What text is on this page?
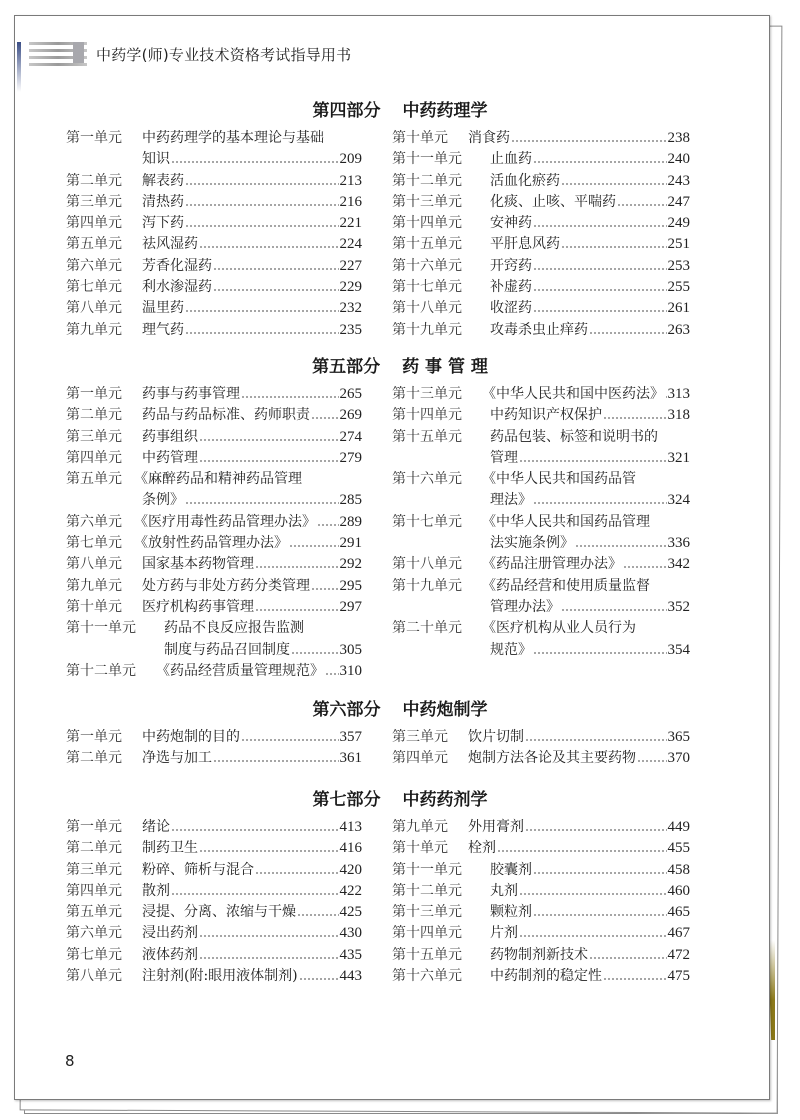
中药学(师)专业技术资格考试指导用书
第四部分 中药药理学
第一单元 中药药理学的基本理论与基础
知识	209
第二单元 解表药	213
第三单元 清热药	216
第四单元 泻下药	221
第五单元 祛风湿药	224
第六单元 芳香化湿药	227
第七单元 利水渗湿药	229
第八单元 温里药	232
第九单元 理气药	235
第十单元 消食药	238
第十一单元 止血药	240
第十二单元 活血化瘀药	243
第十三单元 化痰、止咳、平喘药	247
第十四单元 安神药	249
第十五单元 平肝息风药	251
第十六单元 开窍药	253
第十七单元 补虚药	255
第十八单元 收涩药	261
第十九单元 攻毒杀虫止痒药	263
第五部分 药 事 管 理
第一单元 药事与药事管理	265
第二单元 药品与药品标准、药师职责 269
第三单元 药事组织	274
第四单元 中药管理	279
第五单元 《麻醉药品和精神药品管理
条例》	285
第六单元 《医疗用毒性药品管理办法》 289
第七单元 《放射性药品管理办法》	291
第八单元 国家基本药物管理	292
第九单元 处方药与非处方药分类管理 295
第十单元 医疗机构药事管理	297
第十一单元 药品不良反应报告监测
制度与药品召回制度	305
第十二单元 《药品经营质量管理规范》 310
第十三单元 《中华人民共和国中医药法》 313
第十四单元 中药知识产权保护	318
第十五单元 药品包装、标签和说明书的
管理	321
第十六单元 《中华人民共和国药品管
理法》	324
第十七单元 《中华人民共和国药品管理
法实施条例》	336
第十八单元 《药品注册管理办法》	342
第十九单元 《药品经营和使用质量监督
管理办法》	352
第二十单元 《医疗机构从业人员行为
规范》	354
第六部分 中药炮制学
第一单元 中药炮制的目的	357
第二单元 净选与加工	361
第三单元 饮片切制	365
第四单元 炮制方法各论及其主要药物 370
第七部分 中药药剂学
第一单元 绪论	413
第二单元 制药卫生	416
第三单元 粉碎、筛析与混合	420
第四单元 散剂	422
第五单元 浸提、分离、浓缩与干燥	425
第六单元 浸出药剂	430
第七单元 液体药剂	435
第八单元 注射剂(附:眼用液体制剂)	443
第九单元 外用膏剂	449
第十单元 栓剂	455
第十一单元 胶囊剂	458
第十二单元 丸剂	460
第十三单元 颗粒剂	465
第十四单元 片剂	467
第十五单元 药物制剂新技术	472
第十六单元 中药制剂的稳定性	475
8
